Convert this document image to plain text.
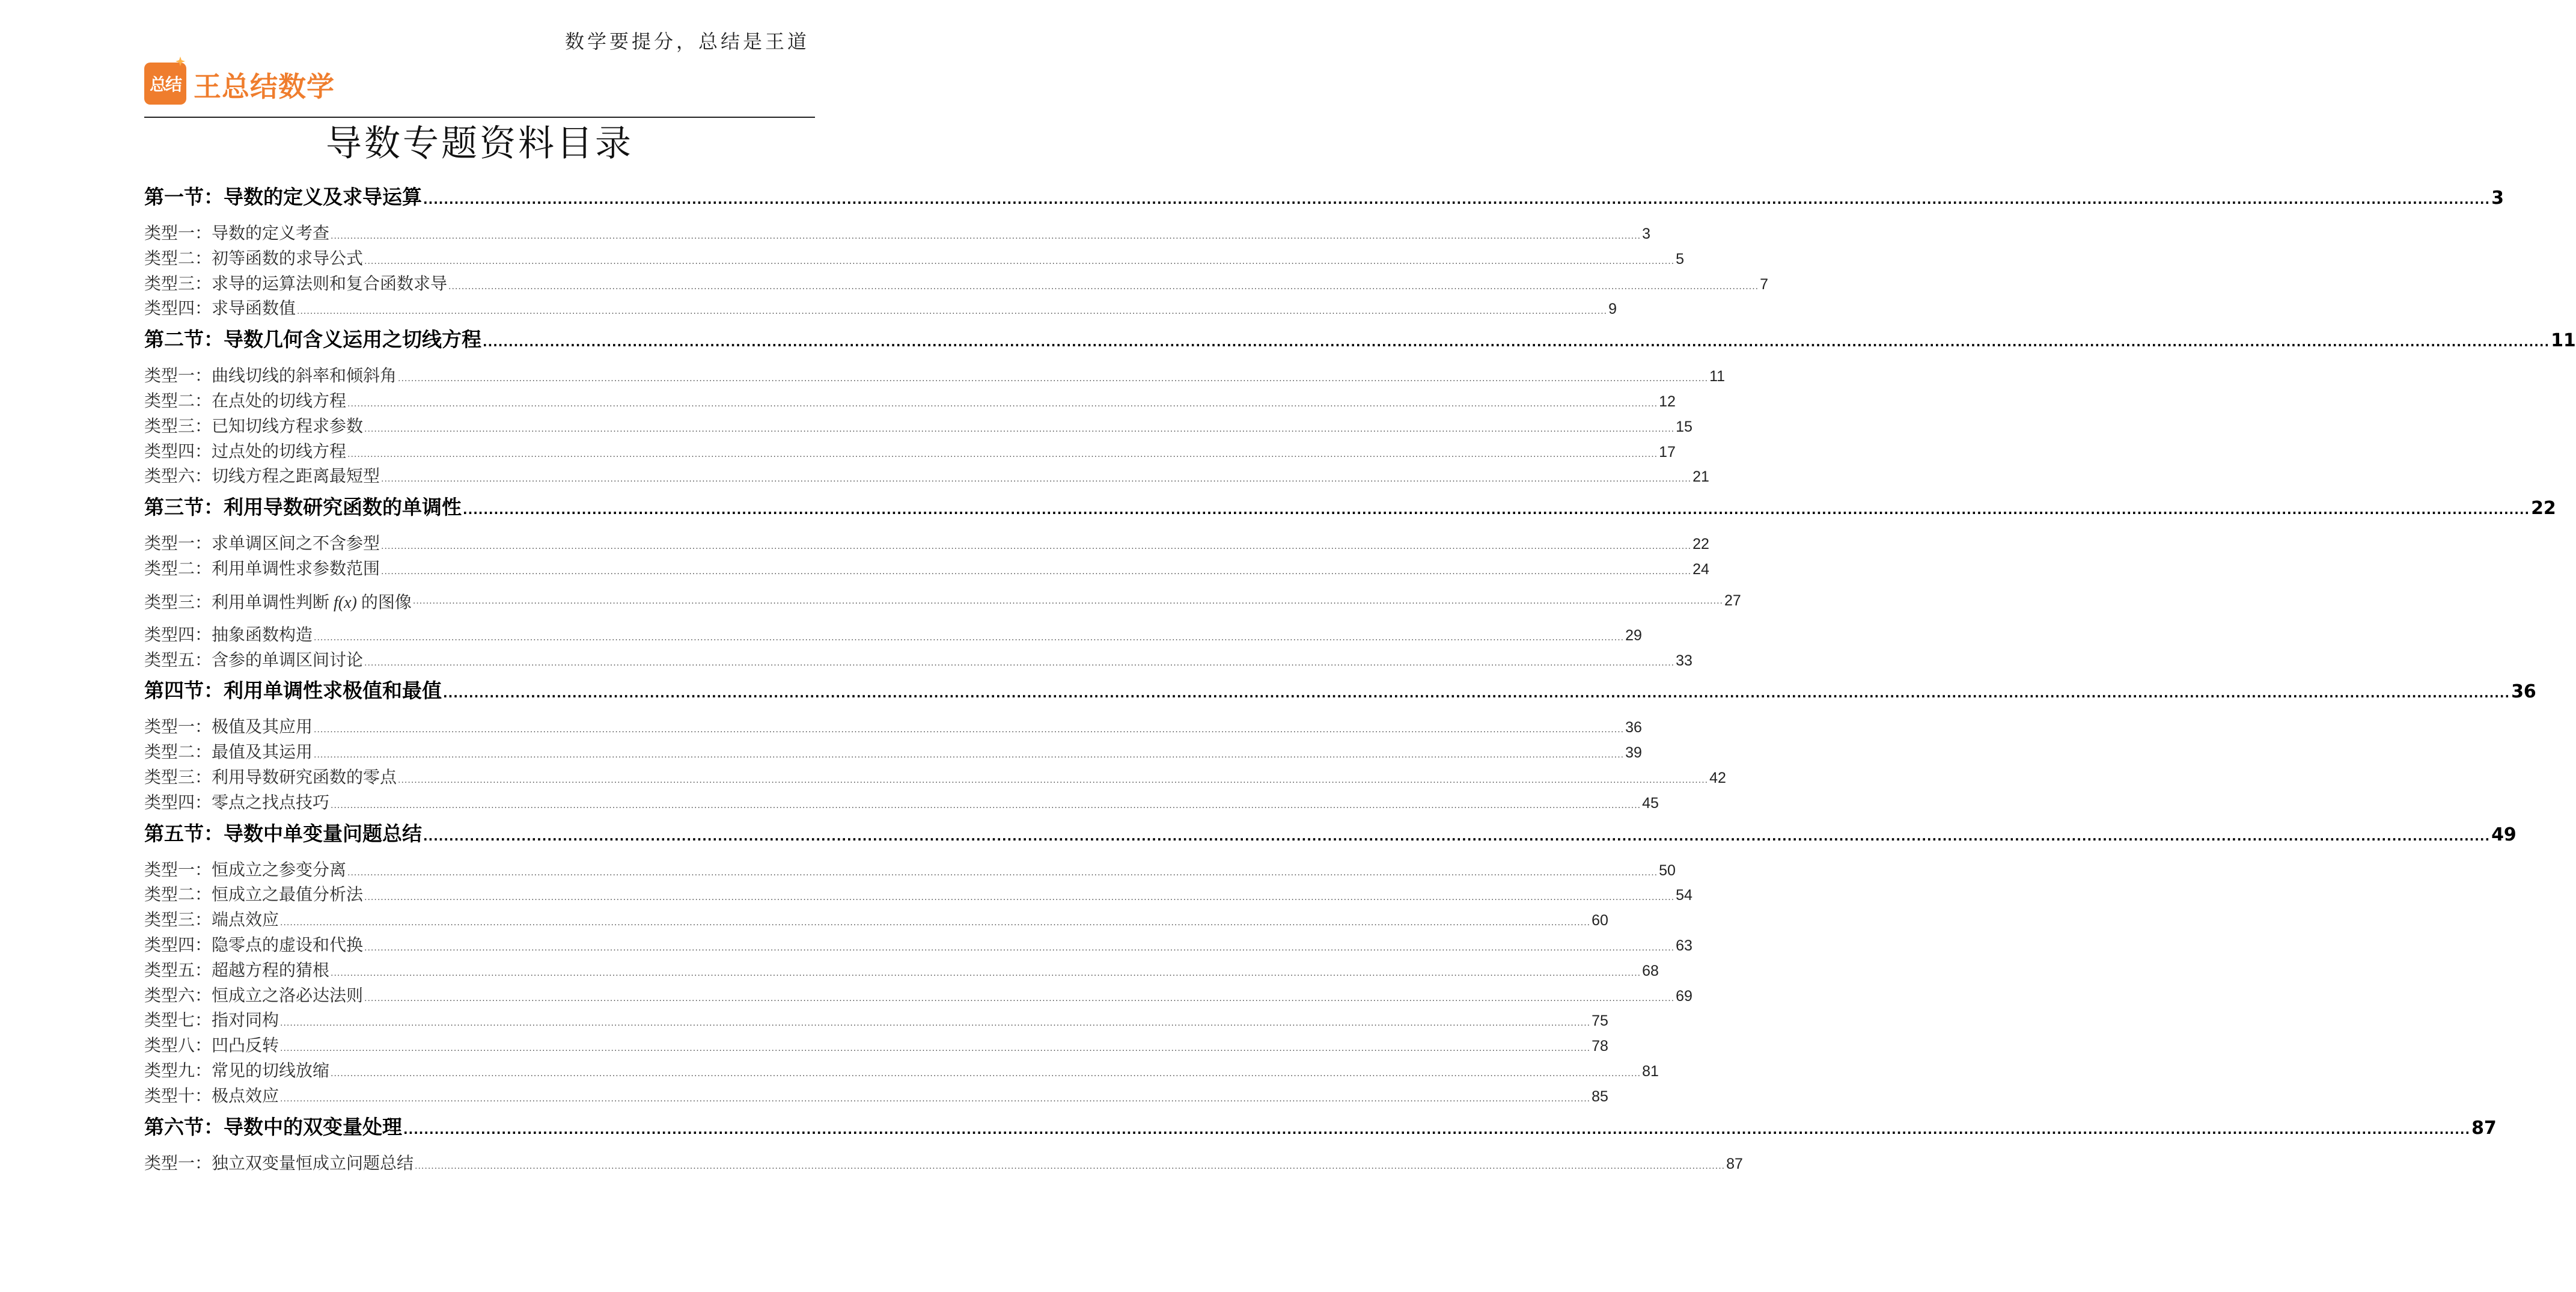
总结 王总结数学
数学要提分，总结是王道
导数专题资料目录
第一节：导数的定义及求导运算 ................................................................................................................................................................................................................................................................................................................................................................................................................ 3
类型一：导数的定义考查 ................................................................................................................................................................................................................................................................................................................................................................................................................ 3
类型二：初等函数的求导公式 ................................................................................................................................................................................................................................................................................................................................................................................................................ 5
类型三：求导的运算法则和复合函数求导 ................................................................................................................................................................................................................................................................................................................................................................................................................ 7
类型四：求导函数值 ................................................................................................................................................................................................................................................................................................................................................................................................................ 9
第二节：导数几何含义运用之切线方程 ................................................................................................................................................................................................................................................................................................................................................................................................................ 11
类型一：曲线切线的斜率和倾斜角 ................................................................................................................................................................................................................................................................................................................................................................................................................ 11
类型二：在点处的切线方程 ................................................................................................................................................................................................................................................................................................................................................................................................................ 12
类型三：已知切线方程求参数 ................................................................................................................................................................................................................................................................................................................................................................................................................ 15
类型四：过点处的切线方程 ................................................................................................................................................................................................................................................................................................................................................................................................................ 17
类型六：切线方程之距离最短型 ................................................................................................................................................................................................................................................................................................................................................................................................................ 21
第三节：利用导数研究函数的单调性 ................................................................................................................................................................................................................................................................................................................................................................................................................ 22
类型一：求单调区间之不含参型 ................................................................................................................................................................................................................................................................................................................................................................................................................ 22
类型二：利用单调性求参数范围 ................................................................................................................................................................................................................................................................................................................................................................................................................ 24
类型三：利用单调性判断 f(x) 的图像 ................................................................................................................................................................................................................................................................................................................................................................................................................ 27
类型四：抽象函数构造 ................................................................................................................................................................................................................................................................................................................................................................................................................ 29
类型五：含参的单调区间讨论 ................................................................................................................................................................................................................................................................................................................................................................................................................ 33
第四节：利用单调性求极值和最值 ................................................................................................................................................................................................................................................................................................................................................................................................................ 36
类型一：极值及其应用 ................................................................................................................................................................................................................................................................................................................................................................................................................ 36
类型二：最值及其运用 ................................................................................................................................................................................................................................................................................................................................................................................................................ 39
类型三：利用导数研究函数的零点 ................................................................................................................................................................................................................................................................................................................................................................................................................ 42
类型四：零点之找点技巧 ................................................................................................................................................................................................................................................................................................................................................................................................................ 45
第五节：导数中单变量问题总结 ................................................................................................................................................................................................................................................................................................................................................................................................................ 49
类型一：恒成立之参变分离 ................................................................................................................................................................................................................................................................................................................................................................................................................ 50
类型二：恒成立之最值分析法 ................................................................................................................................................................................................................................................................................................................................................................................................................ 54
类型三：端点效应 ................................................................................................................................................................................................................................................................................................................................................................................................................ 60
类型四：隐零点的虚设和代换 ................................................................................................................................................................................................................................................................................................................................................................................................................ 63
类型五：超越方程的猜根 ................................................................................................................................................................................................................................................................................................................................................................................................................ 68
类型六：恒成立之洛必达法则 ................................................................................................................................................................................................................................................................................................................................................................................................................ 69
类型七：指对同构 ................................................................................................................................................................................................................................................................................................................................................................................................................ 75
类型八：凹凸反转 ................................................................................................................................................................................................................................................................................................................................................................................................................ 78
类型九：常见的切线放缩 ................................................................................................................................................................................................................................................................................................................................................................................................................ 81
类型十：极点效应 ................................................................................................................................................................................................................................................................................................................................................................................................................ 85
第六节：导数中的双变量处理 ................................................................................................................................................................................................................................................................................................................................................................................................................ 87
类型一：独立双变量恒成立问题总结 ................................................................................................................................................................................................................................................................................................................................................................................................................ 87
